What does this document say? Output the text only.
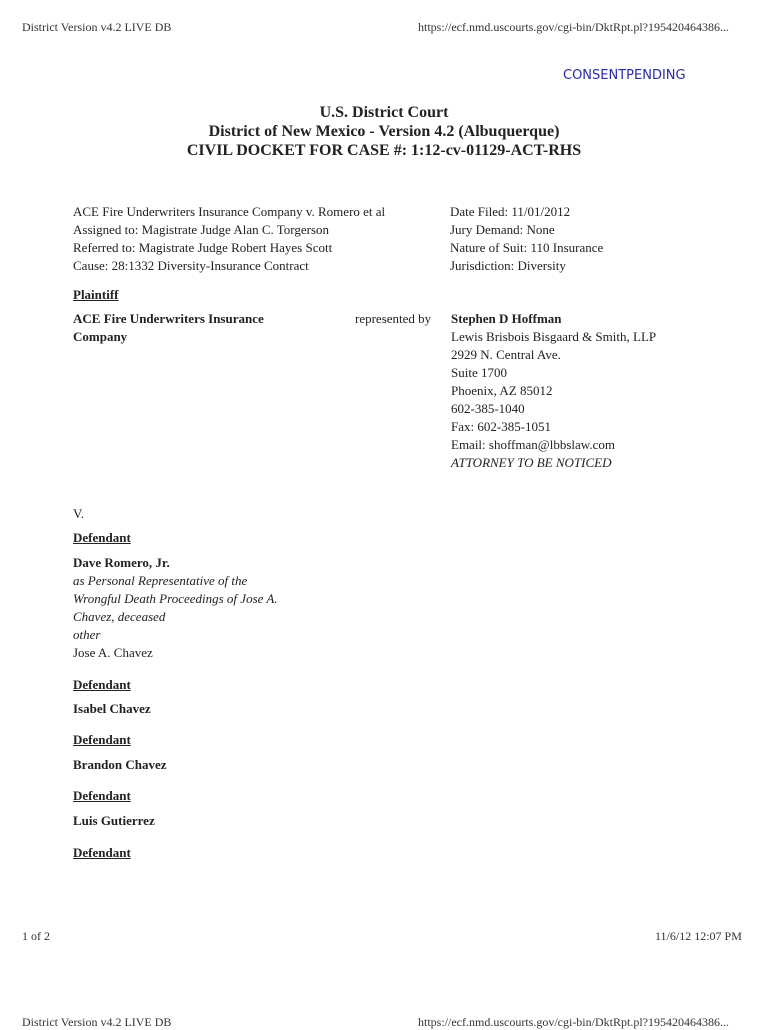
District Version v4.2 LIVE DB	https://ecf.nmd.uscourts.gov/cgi-bin/DktRpt.pl?195420464386...
CONSENTPENDING
U.S. District Court
District of New Mexico - Version 4.2 (Albuquerque)
CIVIL DOCKET FOR CASE #: 1:12-cv-01129-ACT-RHS
ACE Fire Underwriters Insurance Company v. Romero et al
Assigned to: Magistrate Judge Alan C. Torgerson
Referred to: Magistrate Judge Robert Hayes Scott
Cause: 28:1332 Diversity-Insurance Contract
Date Filed: 11/01/2012
Jury Demand: None
Nature of Suit: 110 Insurance
Jurisdiction: Diversity
Plaintiff
ACE Fire Underwriters Insurance
Company
represented by Stephen D Hoffman
Lewis Brisbois Bisgaard & Smith, LLP
2929 N. Central Ave.
Suite 1700
Phoenix, AZ 85012
602-385-1040
Fax: 602-385-1051
Email: shoffman@lbbslaw.com
ATTORNEY TO BE NOTICED
V.
Defendant
Dave Romero, Jr.
as Personal Representative of the
Wrongful Death Proceedings of Jose A.
Chavez, deceased
other
Jose A. Chavez
Defendant
Isabel Chavez
Defendant
Brandon Chavez
Defendant
Luis Gutierrez
Defendant
1 of 2	11/6/12 12:07 PM
District Version v4.2 LIVE DB	https://ecf.nmd.uscourts.gov/cgi-bin/DktRpt.pl?195420464386...
